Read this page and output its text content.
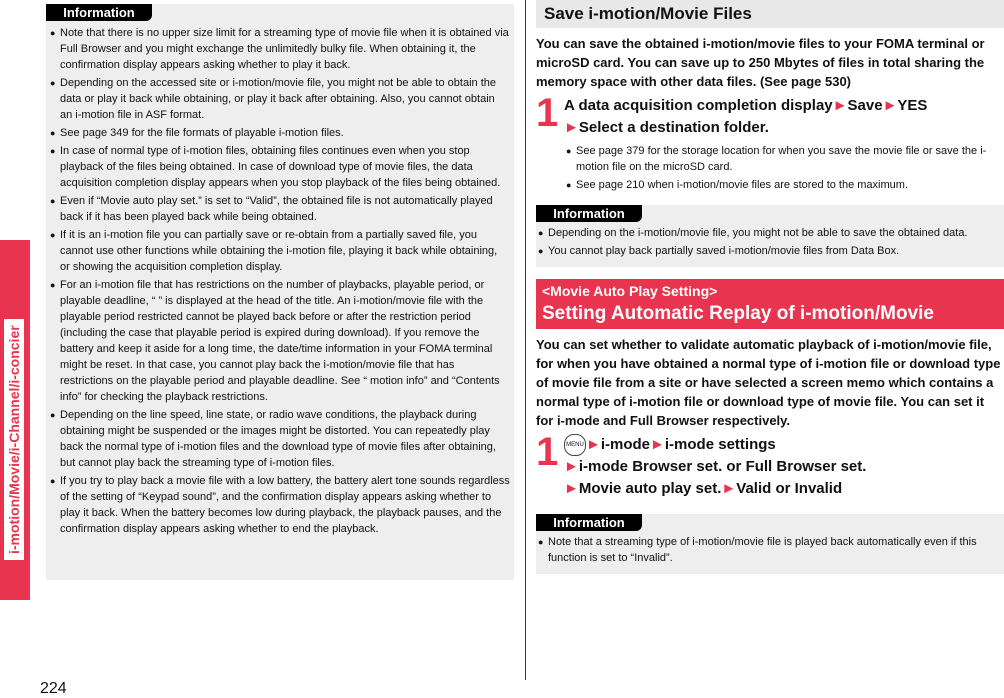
i-motion/Movie/i-Channel/i-concier
224
Information
● Note that there is no upper size limit for a streaming type of movie file when it is obtained via Full Browser and you might exchange the unlimitedly bulky file. When obtaining it, the confirmation display appears asking whether to play it back.
● Depending on the accessed site or i-motion/movie file, you might not be able to obtain the data or play it back while obtaining, or play it back after obtaining. Also, you cannot obtain an i-motion file in ASF format.
● See page 349 for the file formats of playable i-motion files.
● In case of normal type of i-motion files, obtaining files continues even when you stop playback of the files being obtained. In case of download type of movie files, the data acquisition completion display appears when you stop playback of the files being obtained.
● Even if “Movie auto play set.” is set to “Valid”, the obtained file is not automatically played back if it has been played back while being obtained.
● If it is an i-motion file you can partially save or re-obtain from a partially saved file, you cannot use other functions while obtaining the i-motion file, playing it back while obtaining, or showing the acquisition completion display.
● For an i-motion file that has restrictions on the number of playbacks, playable period, or playable deadline, “ ” is displayed at the head of the title. An i-motion/movie file with the playable period restricted cannot be played back before or after the restriction period (including the case that playable period is expired during download). If you remove the battery and keep it aside for a long time, the date/time information in your FOMA terminal might be reset. In that case, you cannot play back the i-motion/movie file that has restrictions on the playable period and playable deadline. See “ motion info” and “Contents info” for checking the playback restrictions.
● Depending on the line speed, line state, or radio wave conditions, the playback during obtaining might be suspended or the images might be distorted. You can repeatedly play back the normal type of i-motion files and the download type of movie files after obtaining, but cannot play back the streaming type of i-motion files.
● If you try to play back a movie file with a low battery, the battery alert tone sounds regardless of the setting of “Keypad sound”, and the confirmation display appears asking whether to play it back. When the battery becomes low during playback, the playback pauses, and the confirmation display appears asking whether to end the playback.
Save i-motion/Movie Files

You can save the obtained i-motion/movie files to your FOMA terminal or microSD card. You can save up to 250 Mbytes of files in total sharing the memory space with other data files. (See page 530)

1 A data acquisition completion display►Save►YES
►Select a destination folder.
● See page 379 for the storage location for when you save the movie file or save the i-motion file on the microSD card.
● See page 210 when i-motion/movie files are stored to the maximum.
Information
● Depending on the i-motion/movie file, you might not be able to save the obtained data.
● You cannot play back partially saved i-motion/movie files from Data Box.
<Movie Auto Play Setting>
Setting Automatic Replay of i-motion/Movie

You can set whether to validate automatic playback of i-motion/movie file, for when you have obtained a normal type of i-motion file or download type of movie file from a site or have selected a screen memo which contains a normal type of i-motion file or download type of movie file. You can set it for i-mode and Full Browser respectively.

1	MENU ►i-mode►i-mode settings
►i-mode Browser set. or Full Browser set.
►Movie auto play set.►Valid or Invalid
Information
● Note that a streaming type of i-motion/movie file is played back automatically even if this function is set to “Invalid”.
